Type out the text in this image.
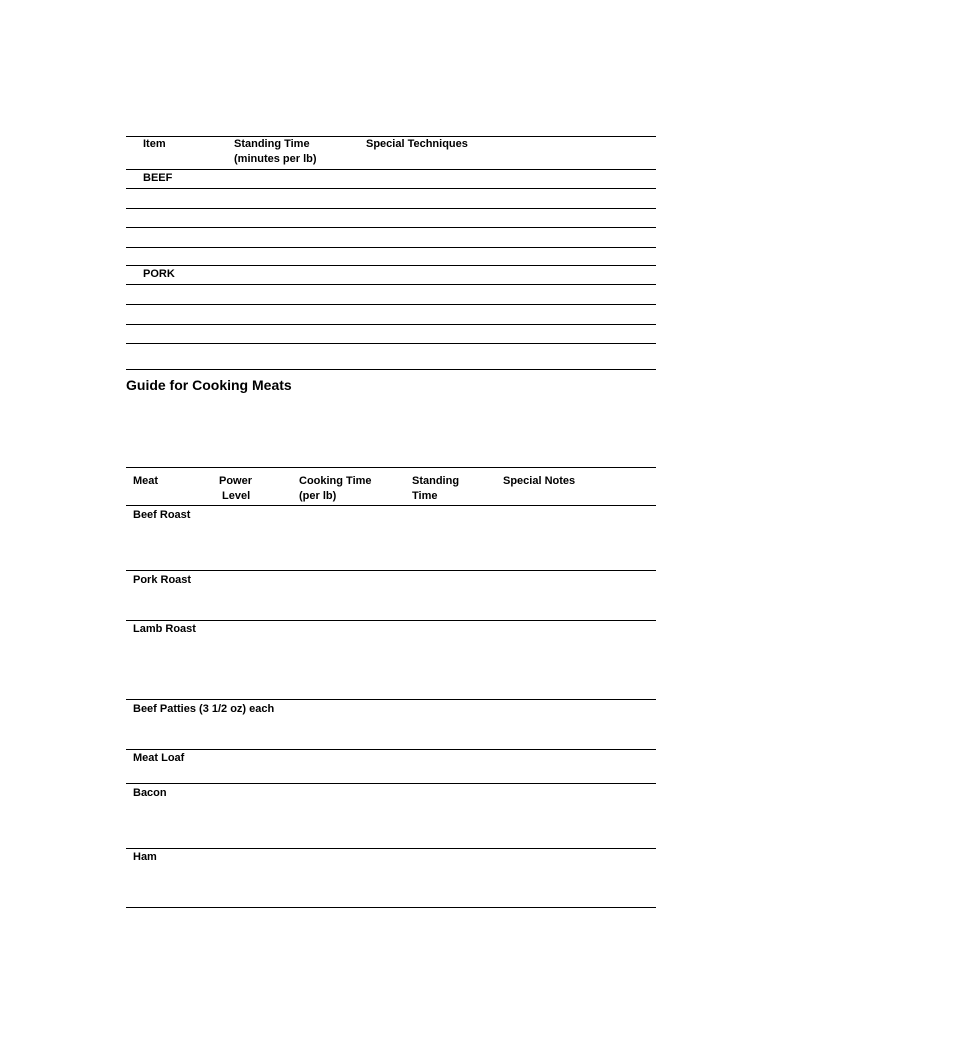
Item	Standing Time
(minutes per lb)
Special Techniques
BEEF
PORK
Guide for Cooking Meats
Meat	Power
Level
Cooking Time
(per lb)
Standing
Time
Special Notes
Beef Roast
Pork Roast
Lamb Roast
Beef Patties (3 1/2 oz) each
Meat Loaf
Bacon
Ham
